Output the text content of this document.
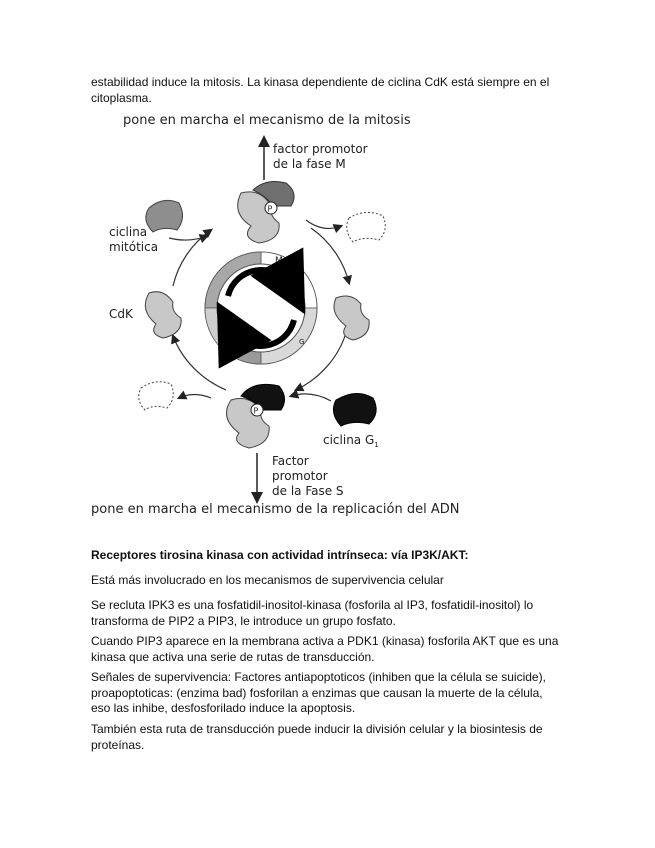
estabilidad induce la mitosis. La kinasa dependiente de ciclina CdK está siempre en el citoplasma.

pone en marcha el mecanismo de la mitosis
factor promotor
de la fase M
M
S	G
P
CdK
P
ciclina
mitótica
ciclina $G_1$
Factor
promotor
de la Fase S
pone en marcha el mecanismo de la replicación del ADN
Receptores tirosina kinasa con actividad intrínseca: vía IP3K/AKT:

Está más involucrado en los mecanismos de supervivencia celular

Se recluta IPK3 es una fosfatidil-inositol-kinasa (fosforila al IP3, fosfatidil-inositol) lo transforma de PIP2 a PIP3, le introduce un grupo fosfato.

Cuando PIP3 aparece en la membrana activa a PDK1 (kinasa) fosforila AKT que es una kinasa que activa una serie de rutas de transducción.

Señales de supervivencia: Factores antiapoptoticos (inhiben que la célula se suicide), proapoptoticas: (enzima bad) fosforilan a enzimas que causan la muerte de la célula, eso las inhibe, desfosforilado induce la apoptosis.

También esta ruta de transducción puede inducir la división celular y la biosintesis de proteínas.
